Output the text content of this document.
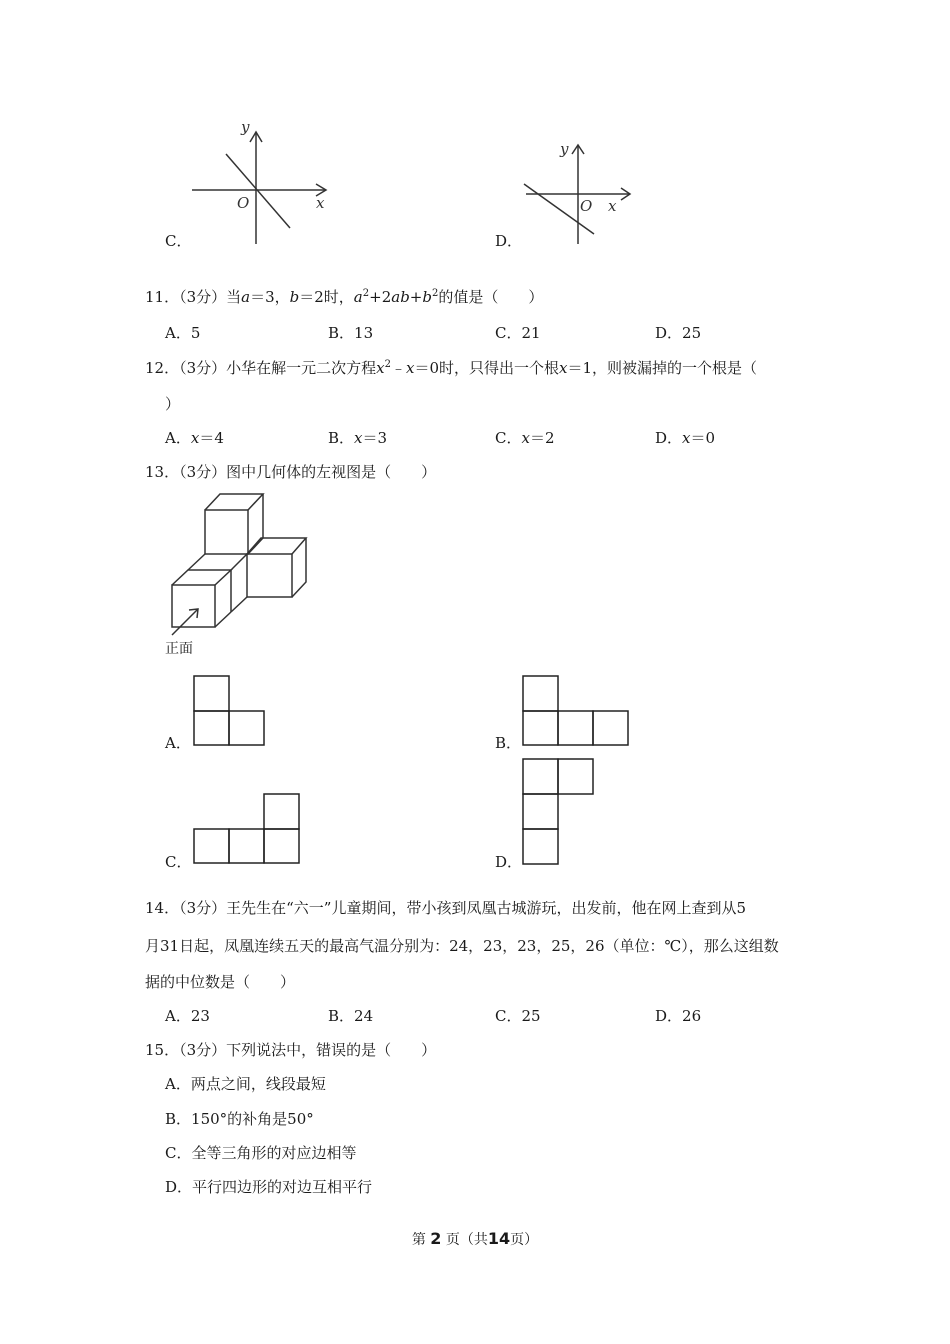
C．
y
x
O
D．
y
x
O
11．（3分）当a＝3，b＝2时，$a^2+2ab+b^2$的值是（　　）
A．5	B．13	C．21	D．25
12．（3分）小华在解一元二次方程$x^2﹣x=0$时，只得出一个根x＝1，则被漏掉的一个根是（
）
A．x＝4	B．x＝3	C．x＝2	D．x＝0
13．（3分）图中几何体的左视图是（　　）
正面
A．	B．
C．	D．
14．（3分）王先生在“六一”儿童期间，带小孩到凤凰古城游玩，出发前，他在网上查到从5
月31日起，凤凰连续五天的最高气温分别为：24，23，23，25，26（单位：℃），那么这组数
据的中位数是（　　）
A．23	B．24	C．25	D．26
15．（3分）下列说法中，错误的是（　　）
A．两点之间，线段最短
B．150°的补角是50°
C．全等三角形的对应边相等
D．平行四边形的对边互相平行
第 2 页（共14页）
